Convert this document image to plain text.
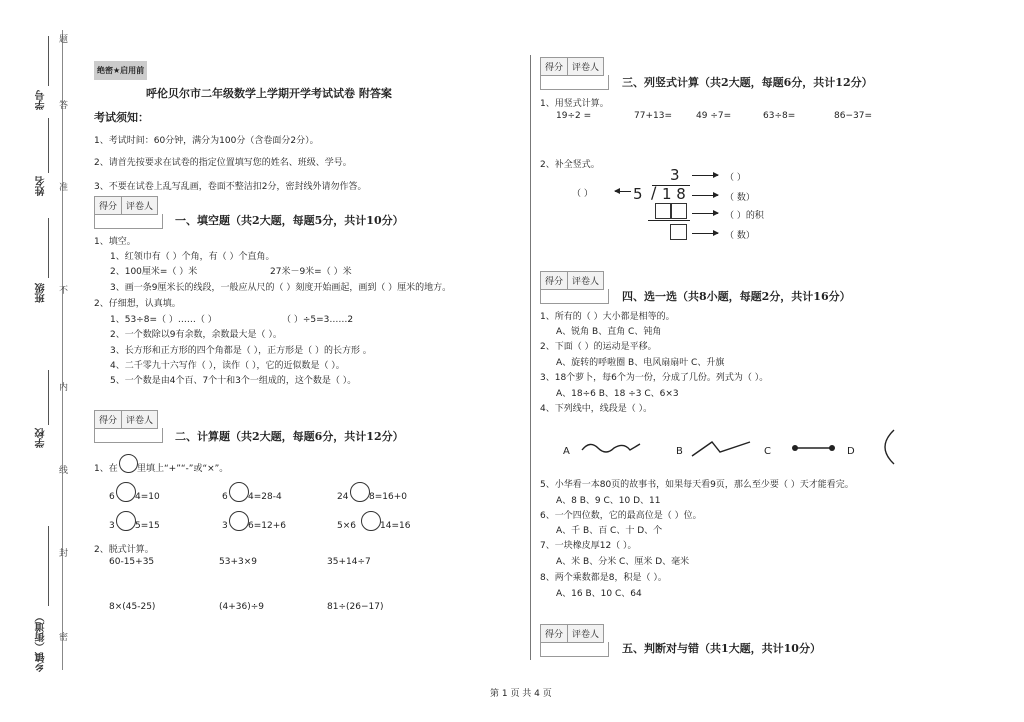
乡镇（街道）
学校
班级
姓名
学号
密
封
线
内
不
准
答
题
绝密★启用前
呼伦贝尔市二年级数学上学期开学考试试卷 附答案
考试须知：
1、考试时间：60分钟，满分为100分（含卷面分2分）。
2、请首先按要求在试卷的指定位置填写您的姓名、班级、学号。
3、不要在试卷上乱写乱画，卷面不整洁扣2分，密封线外请勿作答。
得分	评卷人
一、填空题（共2大题，每题5分，共计10分）
1、填空。
1、红领巾有（ ）个角，有（ ）个直角。
2、100厘米=（ ）米	27米－9米=（ ）米
3、画一条9厘米长的线段，一般应从尺的（ ）刻度开始画起，画到（ ）厘米的地方。
2、仔细想，认真填。
1、53÷8=（ ）……（ ）	（ ）÷5=3……2
2、一个数除以9有余数，余数最大是（ ）。
3、长方形和正方形的四个角都是（ ），正方形是（ ）的长方形 。
4、二千零九十六写作（ ），读作（ ），它的近似数是（ ）。
5、一个数是由4个百、7个十和3个一组成的，这个数是（ ）。
得分	评卷人
二、计算题（共2大题，每题6分，共计12分）
1、在 里填上“+”“-”或“×”。
6 4=10	6 4=28-4	24 8=16+0
3 5=15	3 6=12+6	5×6	14=16
2、脱式计算。
60-15+35	53+3×9	35+14÷7
8×(45-25)	(4+36)÷9	81÷(26−17)
得分	评卷人
三、列竖式计算（共2大题，每题6分，共计12分）
1、用竖式计算。
19÷2 =	77+13=	49 ÷7=	63÷8=	86−37=
2、补全竖式。
3
/
5 1 8
（ ）
（ ）
（ 数）
（ ）的积
（ 数）
得分	评卷人
四、选一选（共8小题，每题2分，共计16分）
1、所有的（ ）大小都是相等的。
A、锐角 B、直角 C、钝角
2、下面（ ）的运动是平移。
A、旋转的呼啦圈 B、电风扇扇叶 C、升旗
3、18个萝卜，每6个为一份，分成了几份。列式为（ ）。
A、18÷6 B、18 ÷3 C、6×3
4、下列线中，线段是（ ）。
A	B	C	D
5、小华看一本80页的故事书，如果每天看9页，那么至少要（ ）天才能看完。
A、8 B、9 C、10 D、11
6、一个四位数，它的最高位是（ ）位。
A、千 B、百 C、十 D、个
7、一块橡皮厚12（ ）。
A、米 B、分米 C、厘米 D、毫米
8、两个乘数都是8，积是（ ）。
A、16 B、10 C、64
得分	评卷人
五、判断对与错（共1大题，共计10分）
第 1 页 共 4 页
